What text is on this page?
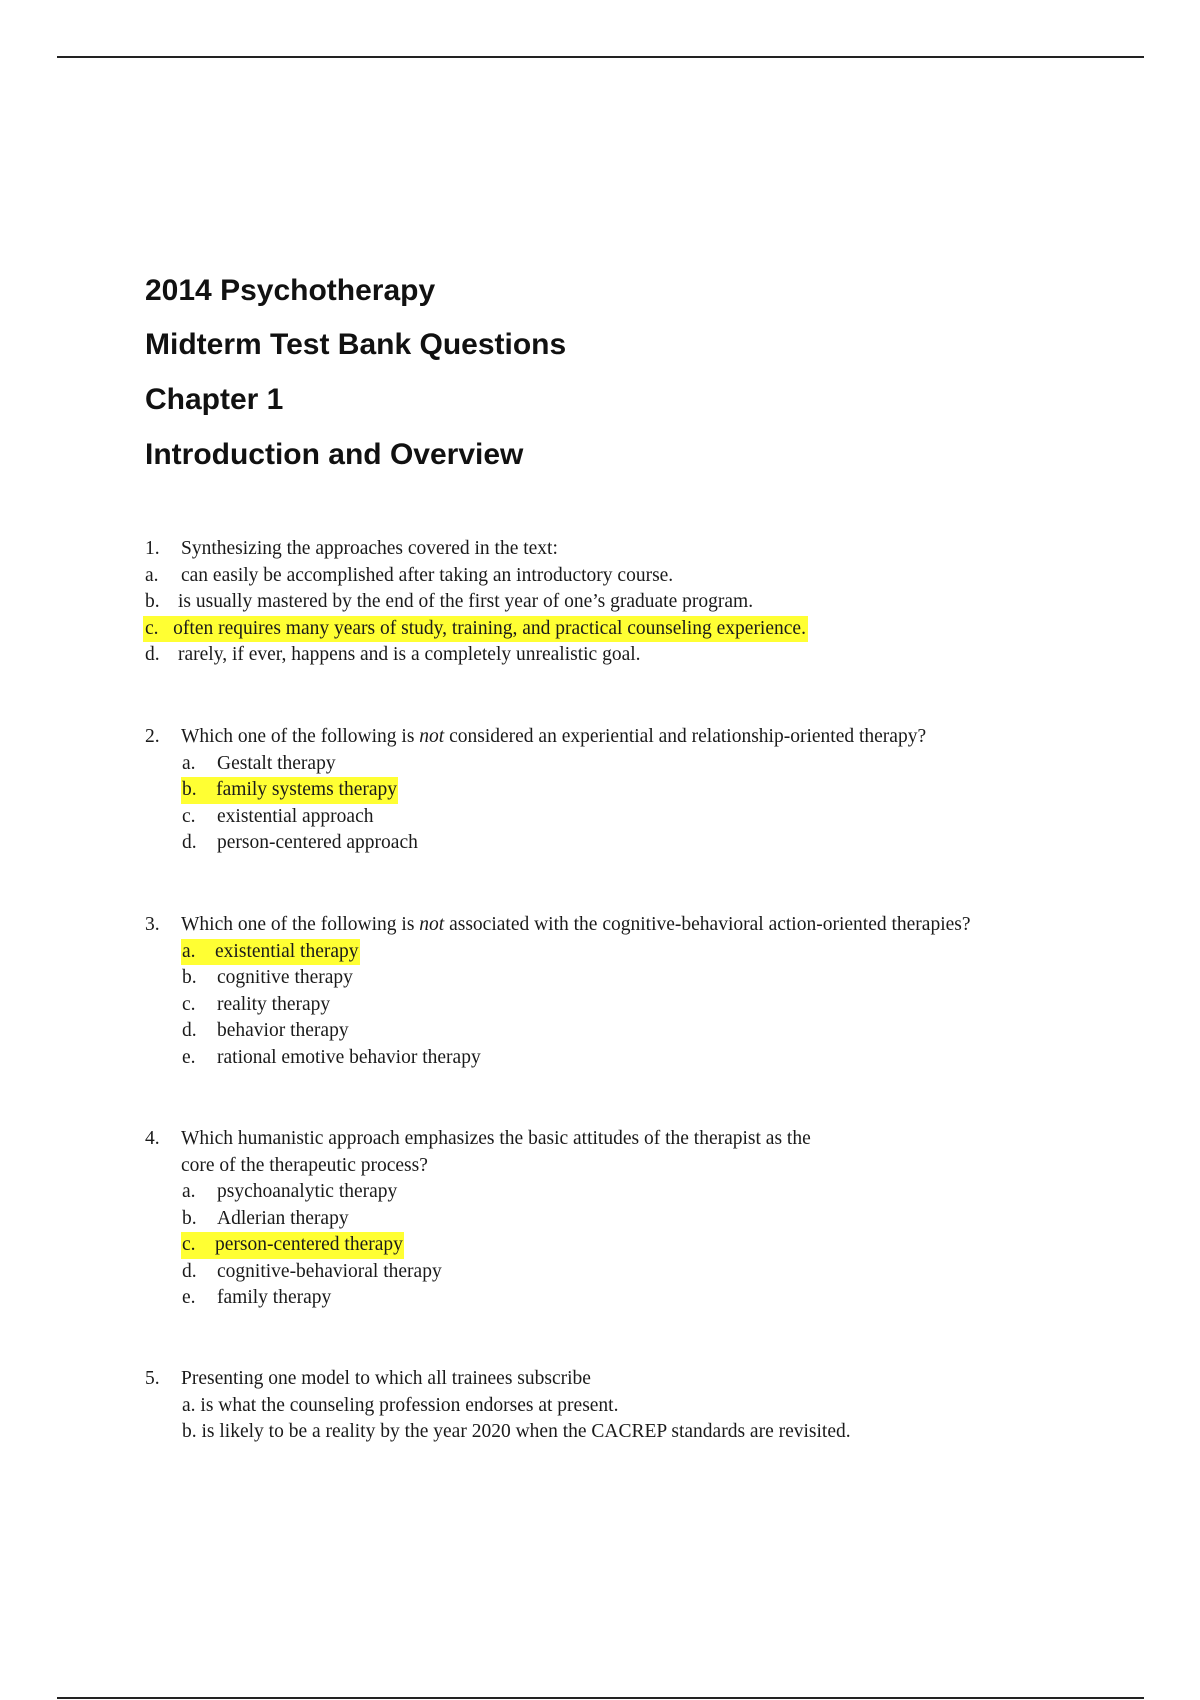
2014 Psychotherapy
Midterm Test Bank Questions
Chapter 1
Introduction and Overview
1. Synthesizing the approaches covered in the text:
a. can easily be accomplished after taking an introductory course.
b. is usually mastered by the end of the first year of one’s graduate program.
c. often requires many years of study, training, and practical counseling experience.
d. rarely, if ever, happens and is a completely unrealistic goal.
2. Which one of the following is not considered an experiential and relationship-oriented therapy?
a. Gestalt therapy
b. family systems therapy
c. existential approach
d. person-centered approach
3. Which one of the following is not associated with the cognitive-behavioral action-oriented therapies?
a. existential therapy
b. cognitive therapy
c. reality therapy
d. behavior therapy
e. rational emotive behavior therapy
4. Which humanistic approach emphasizes the basic attitudes of the therapist as the
core of the therapeutic process?
a. psychoanalytic therapy
b. Adlerian therapy
c. person-centered therapy
d. cognitive-behavioral therapy
e. family therapy
5. Presenting one model to which all trainees subscribe
a. is what the counseling profession endorses at present.
b. is likely to be a reality by the year 2020 when the CACREP standards are revisited.
